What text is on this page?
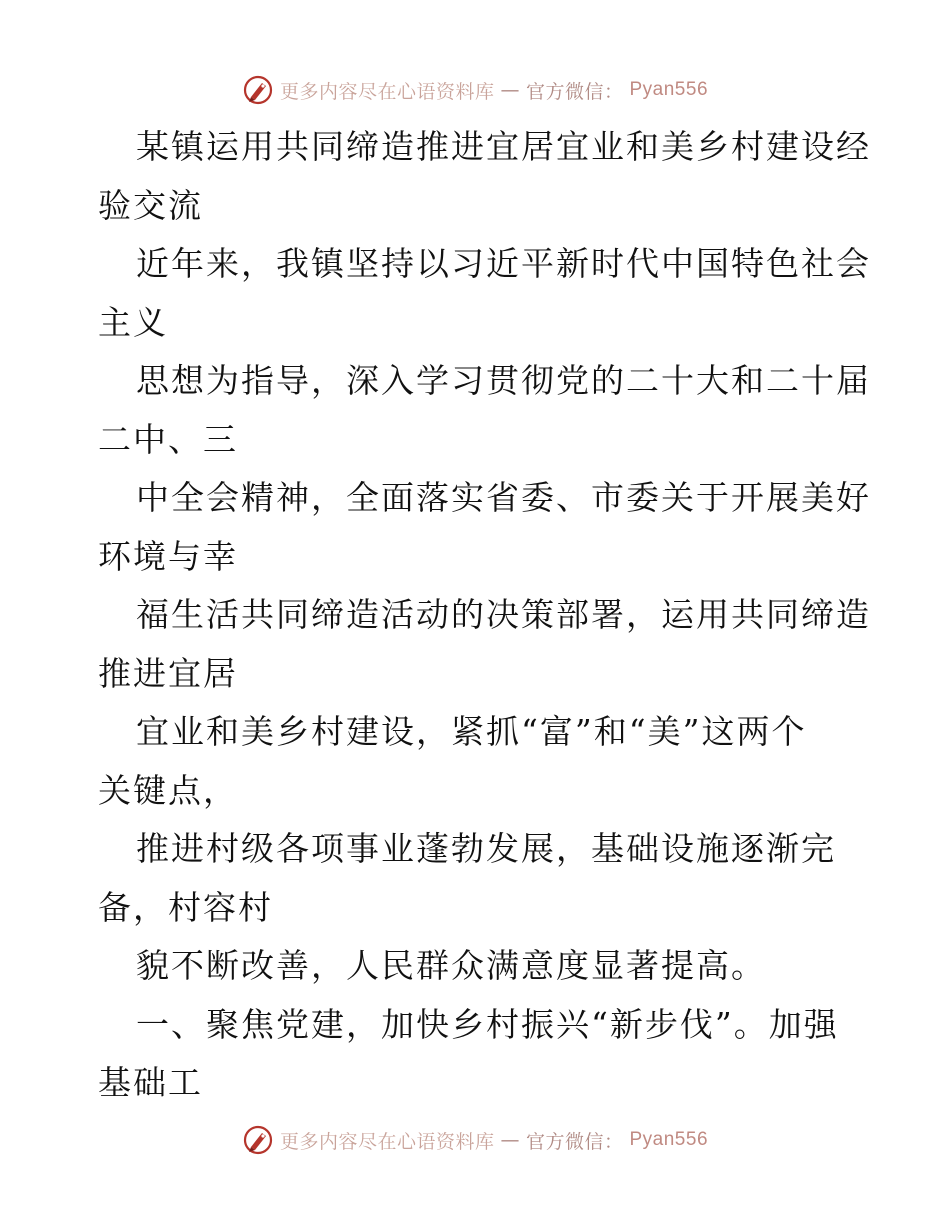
更多内容尽在心语资料库 — 官方微信： Pyan556
某镇运用共同缔造推进宜居宜业和美乡村建设经
验交流
近年来，我镇坚持以习近平新时代中国特色社会
主义
思想为指导，深入学习贯彻党的二十大和二十届
二中、三
中全会精神，全面落实省委、市委关于开展美好
环境与幸
福生活共同缔造活动的决策部署，运用共同缔造
推进宜居
宜业和美乡村建设，紧抓“富”和“美”这两个
关键点，
推进村级各项事业蓬勃发展，基础设施逐渐完
备，村容村
貌不断改善，人民群众满意度显著提高。
一、聚焦党建，加快乡村振兴“新步伐”。加强
基础工
更多内容尽在心语资料库 — 官方微信： Pyan556
